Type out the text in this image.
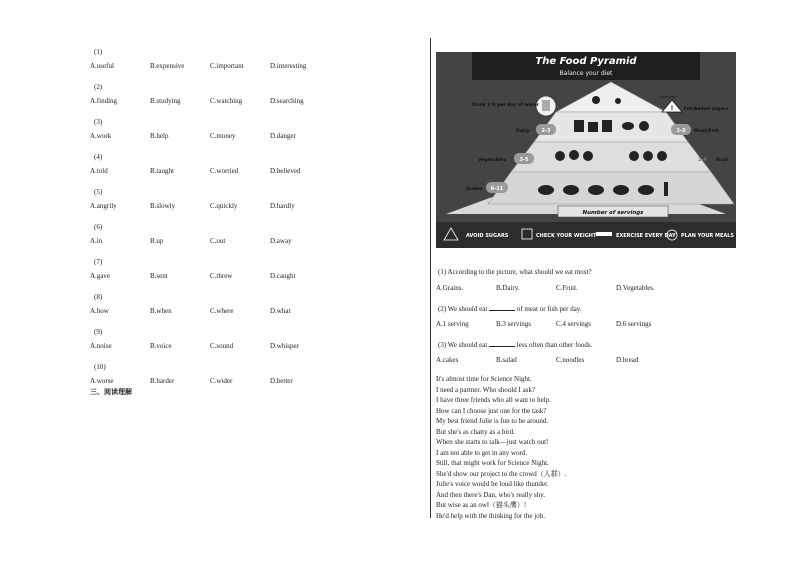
(1)
A.useful	B.expensive	C.important	D.interesting
(2)
A.finding	B.studying	C.watching	D.searching
(3)
A.work	B.help	C.money	D.danger
(4)
A.told	B.taught	C.worried	D.believed
(5)
A.angrily	B.slowly	C.quickly	D.hardly
(6)
A.in	B.up	C.out	D.away
(7)
A.gave	B.sent	C.threw	D.caught
(8)
A.how	B.when	C.where	D.what
(9)
A.noise	B.voice	C.sound	D.whisper
(10)
A.worse	B.harder	C.wider	D.better
三、阅读理解
The Food Pyramid
Balance your diet
Drink 3 lt per day of water	!
Sparingly
Fat/Added sugars
Dairy 2-3	2-3 Meat/Fish
Vegetables	3-5	2-4 Fruit
Grains 6-11
Number of servings
AVOID SUGARS	CHECK YOUR WEIGHT	EXERCISE EVERY DAY PLAN YOUR MEALS
(1) According to the picture, what should we eat most?
A.Grains.	B.Dairy.	C.Fruit.	D.Vegetables.
(2) We should eat	of meat or fish per day.
A.1 serving	B.3 servings	C.4 servings	D.6 servings
(3) We should eat	less often than other foods.
A.cakes	B.salad	C.noodles	D.bread
It's almost time for Science Night.
I need a partner. Who should I ask?
I have three friends who all want to help.
How can I choose just one for the task?
My best friend Julie is fun to be around.
But she's as chatty as a bird.
When she starts to talk—just watch out!
I am not able to get in any word.
Still, that might work for Science Night.
She'd show our project to the crowd（人群）.
Julie's voice would be loud like thunder.
And then there's Dan, who's really shy.
But wise as an owl（猫头鹰）!
He'd help with the thinking for the job.
